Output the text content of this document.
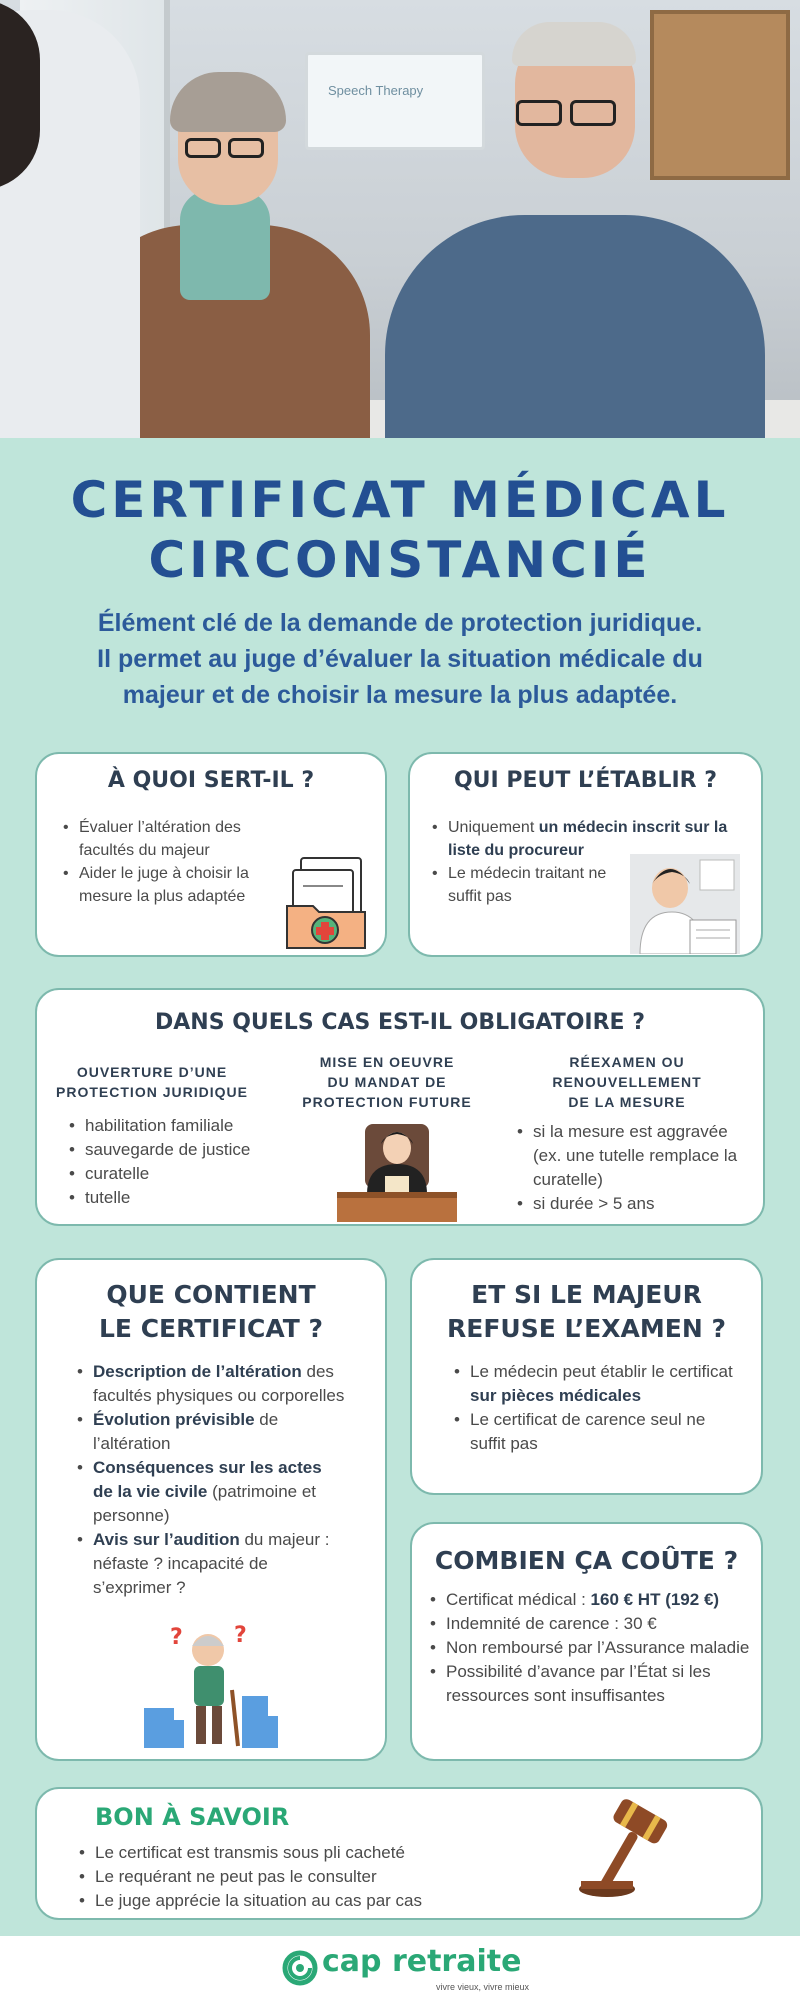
Speech Therapy
CERTIFICAT MÉDICAL
CIRCONSTANCIÉ
Élément clé de la demande de protection juridique.
Il permet au juge d’évaluer la situation médicale du
majeur et de choisir la mesure la plus adaptée.
À QUOI SERT-IL ?
• Évaluer l’altération des facultés du majeur
• Aider le juge à choisir la mesure la plus adaptée
QUI PEUT L’ÉTABLIR ?
• Uniquement un médecin inscrit sur la liste du procureur
• Le médecin traitant ne suffit pas
DANS QUELS CAS EST-IL OBLIGATOIRE ?
OUVERTURE D’UNE
PROTECTION JURIDIQUE
• habilitation familiale
• sauvegarde de justice
• curatelle
• tutelle
MISE EN OEUVRE
DU MANDAT DE
PROTECTION FUTURE
RÉEXAMEN OU
RENOUVELLEMENT
DE LA MESURE
• si la mesure est aggravée (ex. une tutelle remplace la curatelle)
• si durée > 5 ans
QUE CONTIENT
LE CERTIFICAT ?
• Description de l’altération des facultés physiques ou corporelles
• Évolution prévisible de l’altération
• Conséquences sur les actes de la vie civile (patrimoine et personne)
• Avis sur l’audition du majeur : néfaste ? incapacité de s’exprimer ?
? ?
ET SI LE MAJEUR
REFUSE L’EXAMEN ?
• Le médecin peut établir le certificat sur pièces médicales
• Le certificat de carence seul ne suffit pas
COMBIEN ÇA COÛTE ?
• Certificat médical : 160 € HT (192 €)
• Indemnité de carence : 30 €
• Non remboursé par l’Assurance maladie
• Possibilité d’avance par l’État si les ressources sont insuffisantes
BON À SAVOIR
• Le certificat est transmis sous pli cacheté
• Le requérant ne peut pas le consulter
• Le juge apprécie la situation au cas par cas
cap retraite
vivre vieux, vivre mieux
